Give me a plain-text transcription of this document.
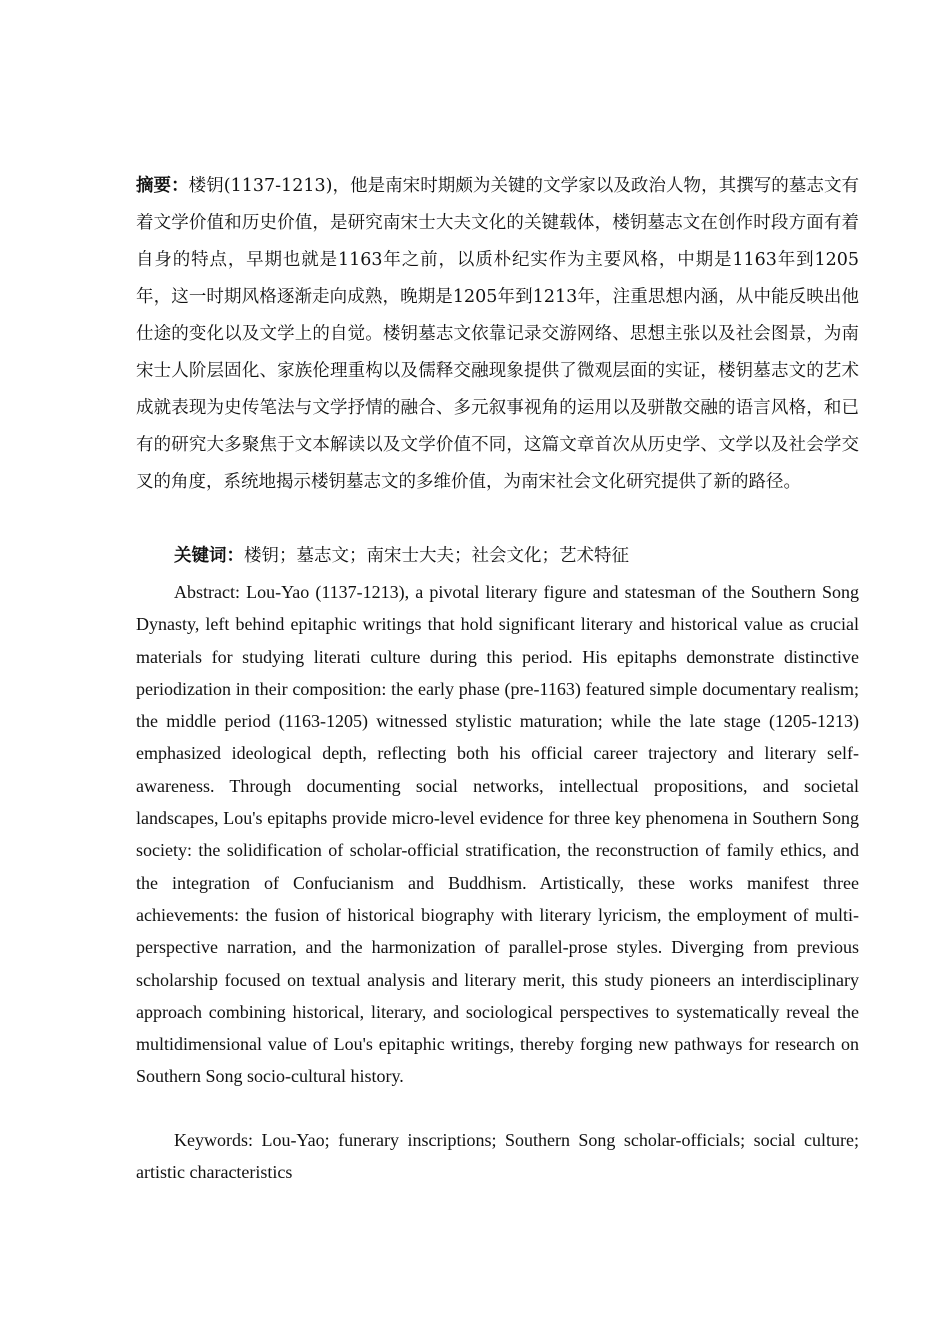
摘要：楼钥(1137-1213)，他是南宋时期颇为关键的文学家以及政治人物，其撰写的墓志文有着文学价值和历史价值，是研究南宋士大夫文化的关键载体，楼钥墓志文在创作时段方面有着自身的特点，早期也就是1163年之前，以质朴纪实作为主要风格，中期是1163年到1205年，这一时期风格逐渐走向成熟，晚期是1205年到1213年，注重思想内涵，从中能反映出他仕途的变化以及文学上的自觉。楼钥墓志文依靠记录交游网络、思想主张以及社会图景，为南宋士人阶层固化、家族伦理重构以及儒释交融现象提供了微观层面的实证，楼钥墓志文的艺术成就表现为史传笔法与文学抒情的融合、多元叙事视角的运用以及骈散交融的语言风格，和已有的研究大多聚焦于文本解读以及文学价值不同，这篇文章首次从历史学、文学以及社会学交叉的角度，系统地揭示楼钥墓志文的多维价值，为南宋社会文化研究提供了新的路径。

关键词：楼钥；墓志文；南宋士大夫；社会文化；艺术特征

Abstract: Lou-Yao (1137-1213), a pivotal literary figure and statesman of the Southern Song Dynasty, left behind epitaphic writings that hold significant literary and historical value as crucial materials for studying literati culture during this period. His epitaphs demonstrate distinctive periodization in their composition: the early phase (pre-1163) featured simple documentary realism; the middle period (1163-1205) witnessed stylistic maturation; while the late stage (1205-1213) emphasized ideological depth, reflecting both his official career trajectory and literary self-awareness. Through documenting social networks, intellectual propositions, and societal landscapes, Lou's epitaphs provide micro-level evidence for three key phenomena in Southern Song society: the solidification of scholar-official stratification, the reconstruction of family ethics, and the integration of Confucianism and Buddhism. Artistically, these works manifest three achievements: the fusion of historical biography with literary lyricism, the employment of multi-perspective narration, and the harmonization of parallel-prose styles. Diverging from previous scholarship focused on textual analysis and literary merit, this study pioneers an interdisciplinary approach combining historical, literary, and sociological perspectives to systematically reveal the multidimensional value of Lou's epitaphic writings, thereby forging new pathways for research on Southern Song socio-cultural history.

Keywords: Lou-Yao; funerary inscriptions; Southern Song scholar-officials; social culture; artistic characteristics
